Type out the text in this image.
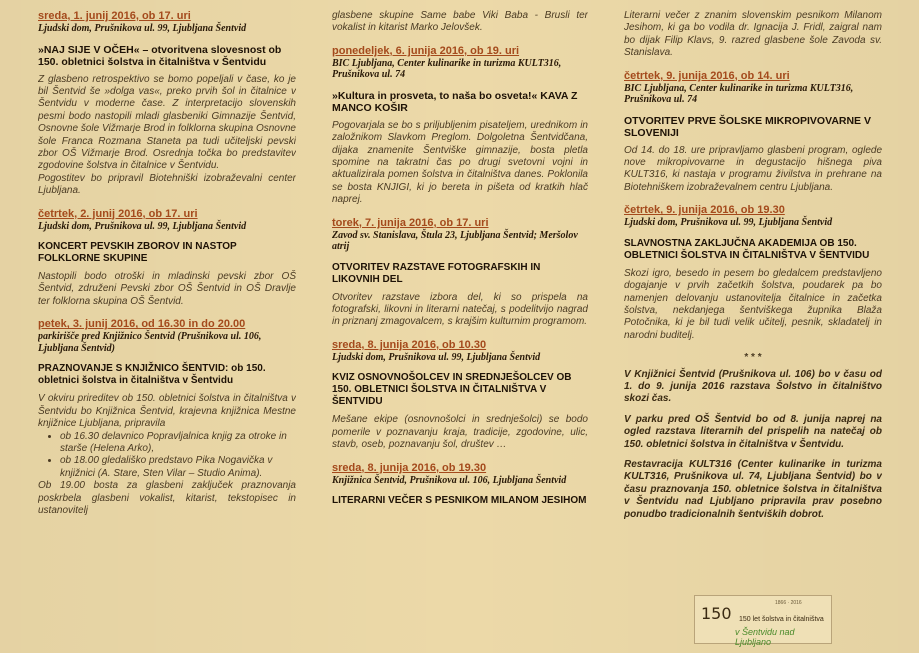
sreda, 1. junij 2016, ob 17. uri
Ljudski dom, Prušnikova ul. 99, Ljubljana Šentvid
»NAJ SIJE V OČEH« – otvoritvena slovesnost ob 150. obletnici šolstva in čitalništva v Šentvidu

Z glasbeno retrospektivo se bomo popeljali v čase, ko je bil Šentvid še »dolga vas«, preko prvih šol in čitalnice v Šentvidu v moderne čase. Z interpretacijo slovenskih pesmi bodo nastopili mladi glasbeniki Gimnazije Šentvid, Osnovne šole Vižmarje Brod in folklorna skupina Osnovne šole Franca Rozmana Staneta pa tudi učiteljski pevski zbor OŠ Vižmarje Brod. Osrednja točka bo predstavitev zgodovine šolstva in čitalnice v Šentvidu.

Pogostitev bo pripravil Biotehniški izobraževalni center Ljubljana.

četrtek, 2. junij 2016, ob 17. uri
Ljudski dom, Prušnikova ul. 99, Ljubljana Šentvid
KONCERT PEVSKIH ZBOROV IN NASTOP FOLKLORNE SKUPINE
Nastopili bodo otroški in mladinski pevski zbor OŠ Šentvid, združeni Pevski zbor OŠ Šentvid in OŠ Dravlje ter folklorna skupina OŠ Šentvid.
petek, 3. junij 2016, od 16.30 in do 20.00
parkirišče pred Knjižnico Šentvid (Prušnikova ul. 106, Ljubljana Šentvid)
PRAZNOVANJE S KNJIŽNICO ŠENTVID: ob 150. obletnici šolstva in čitalništva v Šentvidu
V okviru prireditev ob 150. obletnici šolstva in čitalništva v Šentvidu bo Knjižnica Šentvid, krajevna knjižnica Mestne knjižnice Ljubljana, pripravila
• ob 16.30 delavnico Popravljalnica knjig za otroke in starše (Helena Arko),
• ob 18.00 gledališko predstavo Pika Nogavička v knjižnici (A. Stare, Sten Vilar – Studio Anima).
Ob 19.00 bosta za glasbeni zaključek praznovanja poskrbela glasbeni vokalist, kitarist, tekstopisec in ustanovitelj
glasbene skupine Same babe Viki Baba - Brusli ter vokalist in kitarist Marko Jelovšek.
ponedeljek, 6. junija 2016, ob 19. uri
BIC Ljubljana, Center kulinarike in turizma KULT316, Prušnikova ul. 74
»Kultura in prosveta, to naša bo osveta!« KAVA Z MANCO KOŠIR
Pogovarjala se bo s priljubljenim pisateljem, urednikom in založnikom Slavkom Preglom. Dolgoletna Šentvidčana, dijaka znamenite Šentviške gimnazije, bosta pletla spomine na takratni čas po drugi svetovni vojni in aktualizirala pomen šolstva in čitalništva danes. Poklonila se bosta KNJIGI, ki jo bereta in pišeta od kratkih hlač naprej.
torek, 7. junija 2016, ob 17. uri
Zavod sv. Stanislava, Štula 23, Ljubljana Šentvid; Meršolov atrij
OTVORITEV RAZSTAVE FOTOGRAFSKIH IN LIKOVNIH DEL
Otvoritev razstave izbora del, ki so prispela na fotografski, likovni in literarni natečaj, s podelitvijo nagrad in priznanj zmagovalcem, s krajšim kulturnim programom.
sreda, 8. junija 2016, ob 10.30
Ljudski dom, Prušnikova ul. 99, Ljubljana Šentvid
KVIZ OSNOVNOŠOLCEV IN SREDNJEŠOLCEV OB 150. OBLETNICI ŠOLSTVA IN ČITALNIŠTVA V ŠENTVIDU
Mešane ekipe (osnovnošolci in srednješolci) se bodo pomerile v poznavanju kraja, tradicije, zgodovine, ulic, stavb, oseb, poznavanju šol, društev …
sreda, 8. junija 2016, ob 19.30
Knjižnica Šentvid, Prušnikova ul. 106, Ljubljana Šentvid
LITERARNI VEČER S PESNIKOM MILANOM JESIHOM
Literarni večer z znanim slovenskim pesnikom Milanom Jesihom, ki ga bo vodila dr. Ignacija J. Fridl, zaigral nam bo dijak Filip Klavs, 9. razred glasbene šole Zavoda sv. Stanislava.
četrtek, 9. junija 2016, ob 14. uri
BIC Ljubljana, Center kulinarike in turizma KULT316, Prušnikova ul. 74
OTVORITEV PRVE ŠOLSKE MIKROPIVOVARNE V SLOVENIJI
Od 14. do 18. ure pripravljamo glasbeni program, oglede nove mikropivovarne in degustacijo hišnega piva KULT316, ki nastaja v programu živilstva in prehrane na Biotehniškem izobraževalnem centru Ljubljana.
četrtek, 9. junija 2016, ob 19.30
Ljudski dom, Prušnikova ul. 99, Ljubljana Šentvid
SLAVNOSTNA ZAKLJUČNA AKADEMIJA OB 150. OBLETNICI ŠOLSTVA IN ČITALNIŠTVA V ŠENTVIDU
Skozi igro, besedo in pesem bo gledalcem predstavljeno dogajanje v prvih začetkih šolstva, poudarek pa bo namenjen delovanju ustanoviteljа čitalnice in začetka šolstva, nekdanjega šentviškega župnika Blaža Potočnika, ki je bil tudi velik učitelj, pesnik, skladatelj in narodni buditelj.
* * *

V Knjižnici Šentvid (Prušnikova ul. 106) bo v času od 1. do 9. junija 2016 razstava Šolstvo in čitalništvo skozi čas.

V parku pred OŠ Šentvid bo od 8. junija naprej na ogled razstava literarnih del prispelih na natečaj ob 150. obletnici šolstva in čitalništva v Šentvidu.

Restavracija KULT316 (Center kulinarike in turizma KULT316, Prušnikova ul. 74, Ljubljana Šentvid) bo v času praznovanja 150. obletnice šolstva in čitalništva v Šentvidu nad Ljubljano pripravila prav posebno ponudbo tradicionalnih šentviških dobrot.

1866 · 2016
150 150 let šolstva in čitalništva
v Šentvidu nad Ljubljano
